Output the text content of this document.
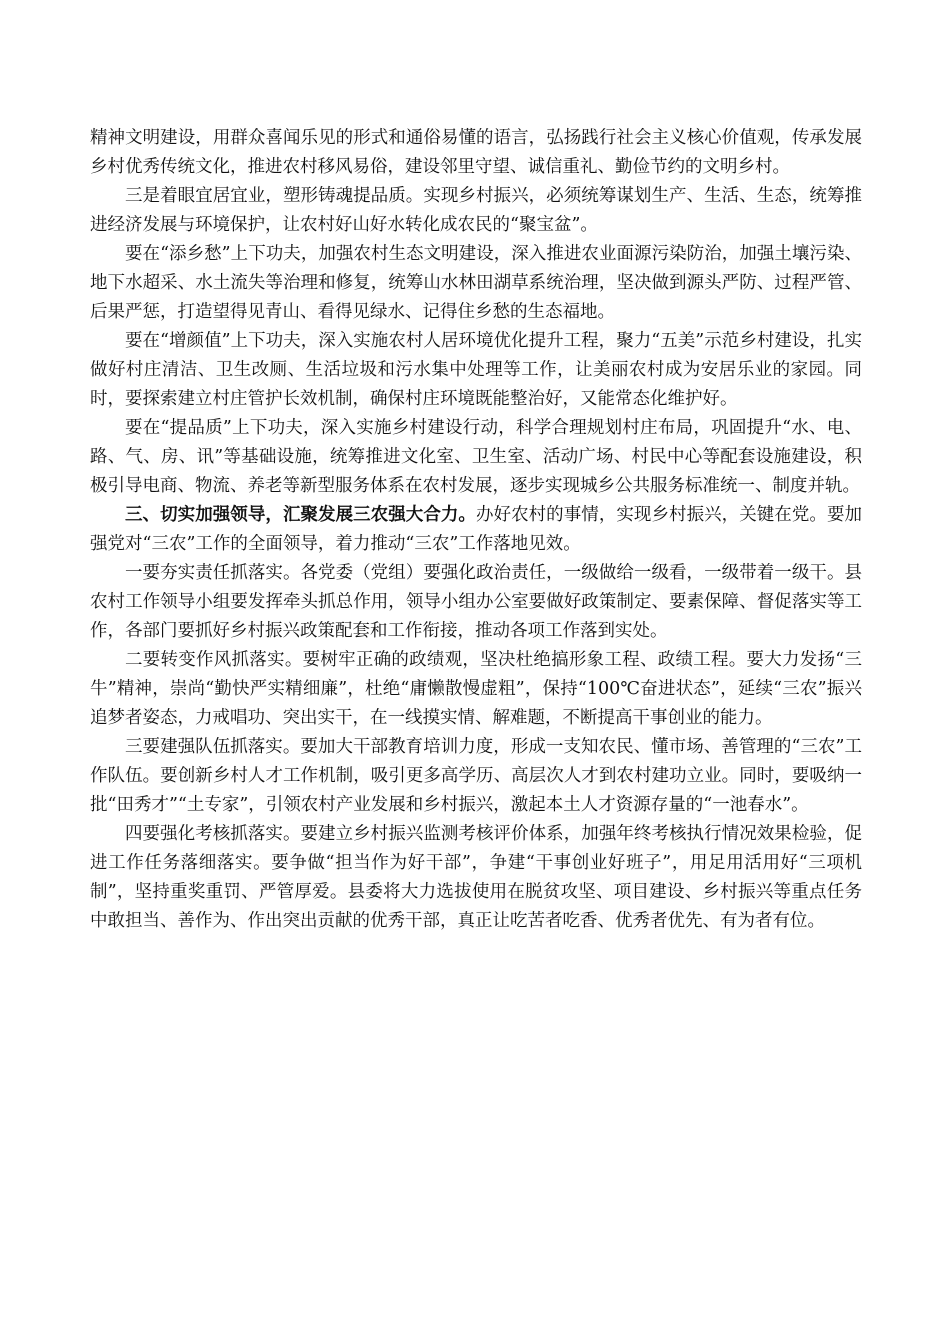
精神文明建设，用群众喜闻乐见的形式和通俗易懂的语言，弘扬践行社会主义核心价值观，传承发展乡村优秀传统文化，推进农村移风易俗，建设邻里守望、诚信重礼、勤俭节约的文明乡村。

三是着眼宜居宜业，塑形铸魂提品质。实现乡村振兴，必须统筹谋划生产、生活、生态，统筹推进经济发展与环境保护，让农村好山好水转化成农民的“聚宝盆”。

要在“添乡愁”上下功夫，加强农村生态文明建设，深入推进农业面源污染防治，加强土壤污染、地下水超采、水土流失等治理和修复，统筹山水林田湖草系统治理，坚决做到源头严防、过程严管、后果严惩，打造望得见青山、看得见绿水、记得住乡愁的生态福地。

要在“增颜值”上下功夫，深入实施农村人居环境优化提升工程，聚力“五美”示范乡村建设，扎实做好村庄清洁、卫生改厕、生活垃圾和污水集中处理等工作，让美丽农村成为安居乐业的家园。同时，要探索建立村庄管护长效机制，确保村庄环境既能整治好，又能常态化维护好。

要在“提品质”上下功夫，深入实施乡村建设行动，科学合理规划村庄布局，巩固提升“水、电、路、气、房、讯”等基础设施，统筹推进文化室、卫生室、活动广场、村民中心等配套设施建设，积极引导电商、物流、养老等新型服务体系在农村发展，逐步实现城乡公共服务标准统一、制度并轨。

三、切实加强领导，汇聚发展三农强大合力。办好农村的事情，实现乡村振兴，关键在党。要加强党对“三农”工作的全面领导，着力推动“三农”工作落地见效。

一要夯实责任抓落实。各党委（党组）要强化政治责任，一级做给一级看，一级带着一级干。县农村工作领导小组要发挥牵头抓总作用，领导小组办公室要做好政策制定、要素保障、督促落实等工作，各部门要抓好乡村振兴政策配套和工作衔接，推动各项工作落到实处。

二要转变作风抓落实。要树牢正确的政绩观，坚决杜绝搞形象工程、政绩工程。要大力发扬“三牛”精神，崇尚“勤快严实精细廉”，杜绝“庸懒散慢虚粗”，保持“100℃奋进状态”，延续“三农”振兴追梦者姿态，力戒唱功、突出实干，在一线摸实情、解难题，不断提高干事创业的能力。

三要建强队伍抓落实。要加大干部教育培训力度，形成一支知农民、懂市场、善管理的“三农”工作队伍。要创新乡村人才工作机制，吸引更多高学历、高层次人才到农村建功立业。同时，要吸纳一批“田秀才”“土专家”，引领农村产业发展和乡村振兴，激起本土人才资源存量的“一池春水”。

四要强化考核抓落实。要建立乡村振兴监测考核评价体系，加强年终考核执行情况效果检验，促进工作任务落细落实。要争做“担当作为好干部”，争建“干事创业好班子”，用足用活用好“三项机制”，坚持重奖重罚、严管厚爱。县委将大力选拔使用在脱贫攻坚、项目建设、乡村振兴等重点任务中敢担当、善作为、作出突出贡献的优秀干部，真正让吃苦者吃香、优秀者优先、有为者有位。
